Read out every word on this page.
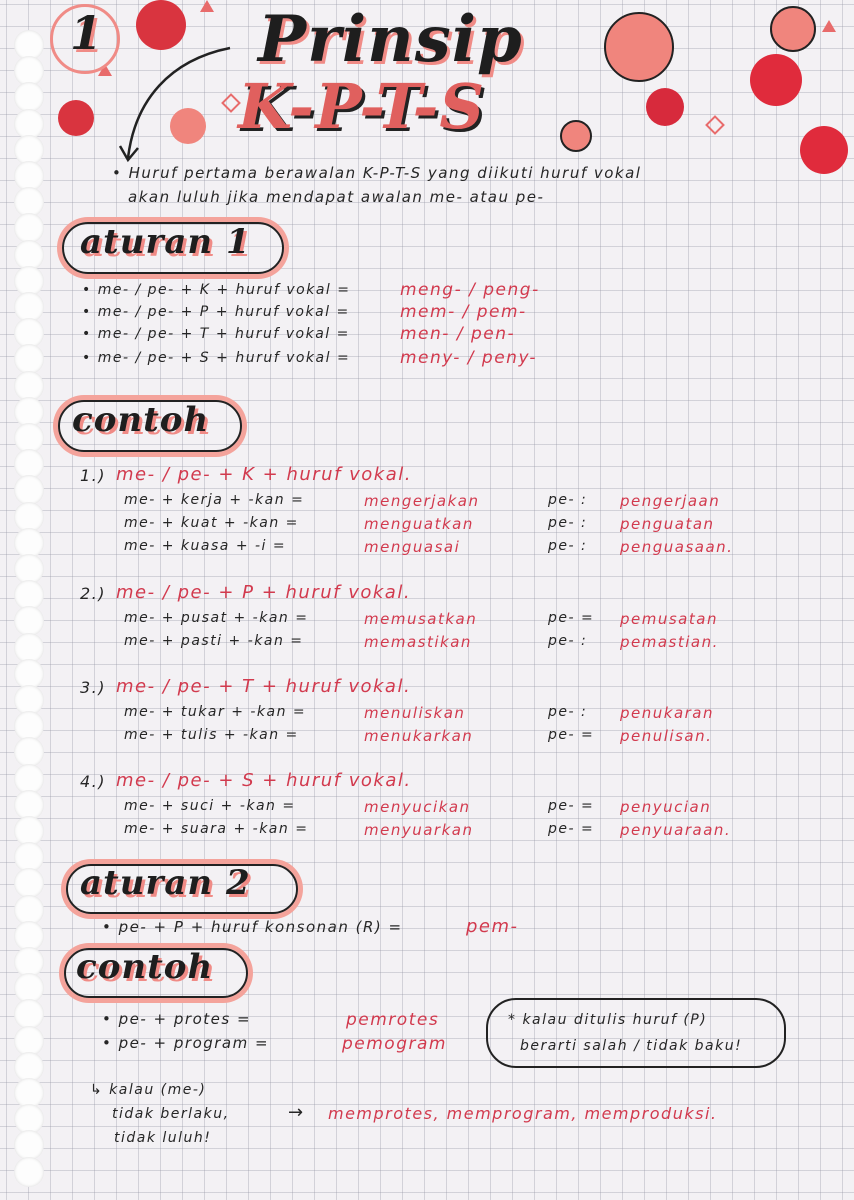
1 Prinsip
K-P-T-S
• Huruf pertama berawalan K-P-T-S yang diikuti huruf vokal
akan luluh jika mendapat awalan me- atau pe-
aturan 1
contoh
aturan 2
• pe- + P + huruf konsonan (R) =	pem-
contoh
• pe- + protes =	pemrotes
• pe- + program =	pemogram
* kalau ditulis huruf (P)
berarti salah / tidak baku!
↳ kalau (me-)
tidak berlaku,
tidak luluh!
→ memprotes, memprogram, memproduksi.
• me- / pe- + K + huruf vokal =	meng- / peng-
• me- / pe- + P + huruf vokal =	mem- / pem-
• me- / pe- + T + huruf vokal =	men- / pen-
• me- / pe- + S + huruf vokal =	meny- / peny-
1.) me- / pe- + K + huruf vokal.
me- + kerja + -kan =	mengerjakan	pe- : pengerjaan
me- + kuat + -kan =	menguatkan	pe- : penguatan
me- + kuasa + -i =	menguasai	pe- : penguasaan.
2.) me- / pe- + P + huruf vokal.
me- + pusat + -kan =	memusatkan	pe- = pemusatan
me- + pasti + -kan =	memastikan	pe- : pemastian.
3.) me- / pe- + T + huruf vokal.
me- + tukar + -kan =	menuliskan	pe- : penukaran
me- + tulis + -kan =	menukarkan	pe- = penulisan.
4.) me- / pe- + S + huruf vokal.
me- + suci + -kan =	menyucikan	pe- = penyucian
me- + suara + -kan =	menyuarkan	pe- = penyuaraan.
